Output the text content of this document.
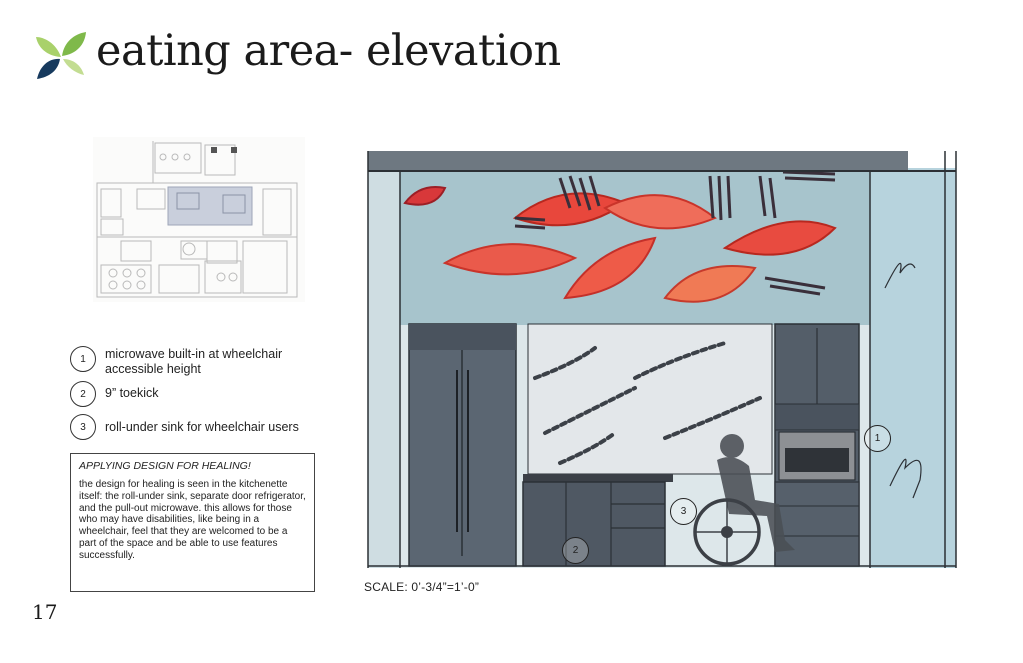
eating area- elevation
1	microwave built-in at wheelchair accessible height
2	9” toekick
3	roll-under sink for wheelchair users

APPLYING DESIGN FOR HEALING!

the design for healing is seen in the kitchenette itself: the roll-under sink, separate door refrigerator, and the pull-out microwave. this allows for those who may have disabilities, like being in a wheelchair, feel that they are welcomed to be a part of the space and be able to use features successfully.

1
2
3
SCALE: 0’-3/4”=1’-0”
17
